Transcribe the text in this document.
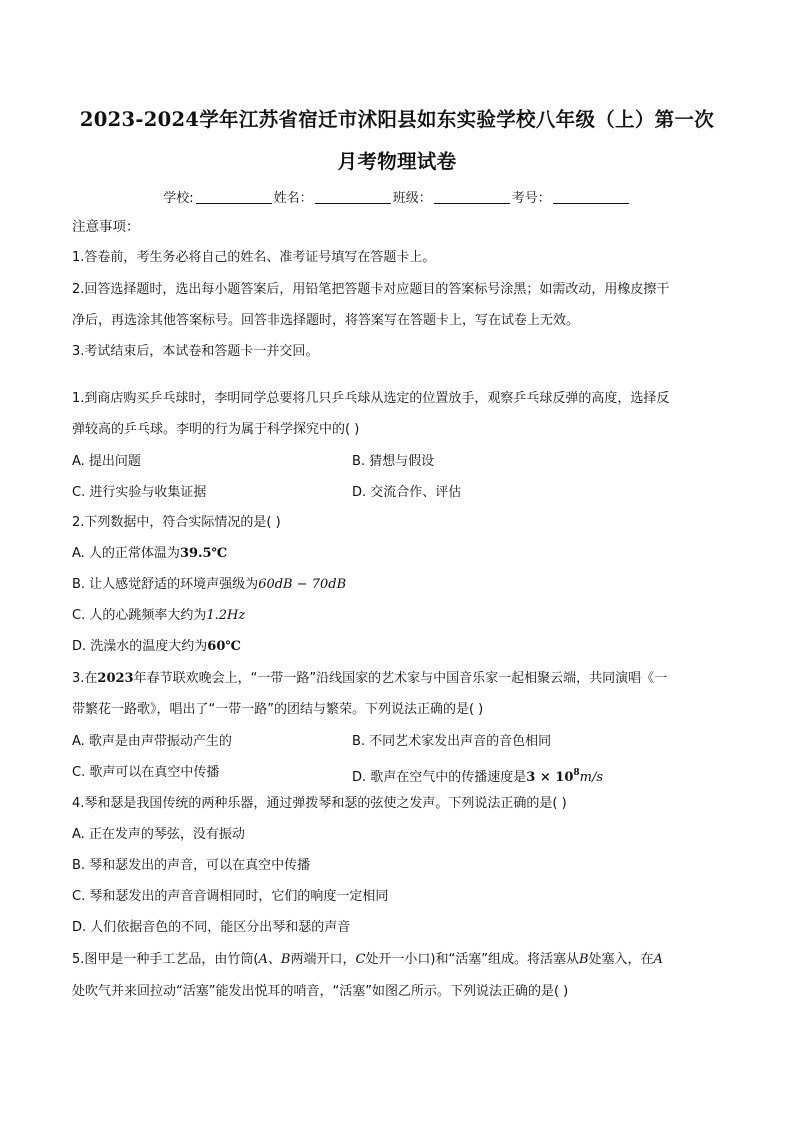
2023-2024学年江苏省宿迁市沭阳县如东实验学校八年级（上）第一次
月考物理试卷
学校:	姓名：	班级：	考号：
注意事项：
1.答卷前，考生务必将自己的姓名、准考证号填写在答题卡上。
2.回答选择题时，选出每小题答案后，用铅笔把答题卡对应题目的答案标号涂黑；如需改动，用橡皮擦干
净后，再选涂其他答案标号。回答非选择题时，将答案写在答题卡上，写在试卷上无效。
3.考试结束后，本试卷和答题卡一并交回。
1.到商店购买乒乓球时，李明同学总要将几只乒乓球从选定的位置放手，观察乒乓球反弹的高度，选择反
弹较高的乒乓球。李明的行为属于科学探究中的( )
A. 提出问题	B. 猜想与假设
C. 进行实验与收集证据	D. 交流合作、评估
2.下列数据中，符合实际情况的是( )
A. 人的正常体温为39.5℃
B. 让人感觉舒适的环境声强级为60dB − 70dB
C. 人的心跳频率大约为1.2Hz
D. 洗澡水的温度大约为60℃
3.在2023年春节联欢晚会上，“一带一路”沿线国家的艺术家与中国音乐家一起相聚云端，共同演唱《一
带繁花一路歌》，唱出了“一带一路”的团结与繁荣。下列说法正确的是( )
A. 歌声是由声带振动产生的	B. 不同艺术家发出声音的音色相同
C. 歌声可以在真空中传播	D. 歌声在空气中的传播速度是$3 \times 10^8m/s$
4.琴和瑟是我国传统的两种乐器，通过弹拨琴和瑟的弦使之发声。下列说法正确的是( )
A. 正在发声的琴弦，没有振动
B. 琴和瑟发出的声音，可以在真空中传播
C. 琴和瑟发出的声音音调相同时，它们的响度一定相同
D. 人们依据音色的不同，能区分出琴和瑟的声音
5.图甲是一种手工艺品，由竹筒(A、B两端开口，C处开一小口)和“活塞”组成。将活塞从B处塞入，在A
处吹气并来回拉动“活塞”能发出悦耳的哨音，“活塞”如图乙所示。下列说法正确的是( )
